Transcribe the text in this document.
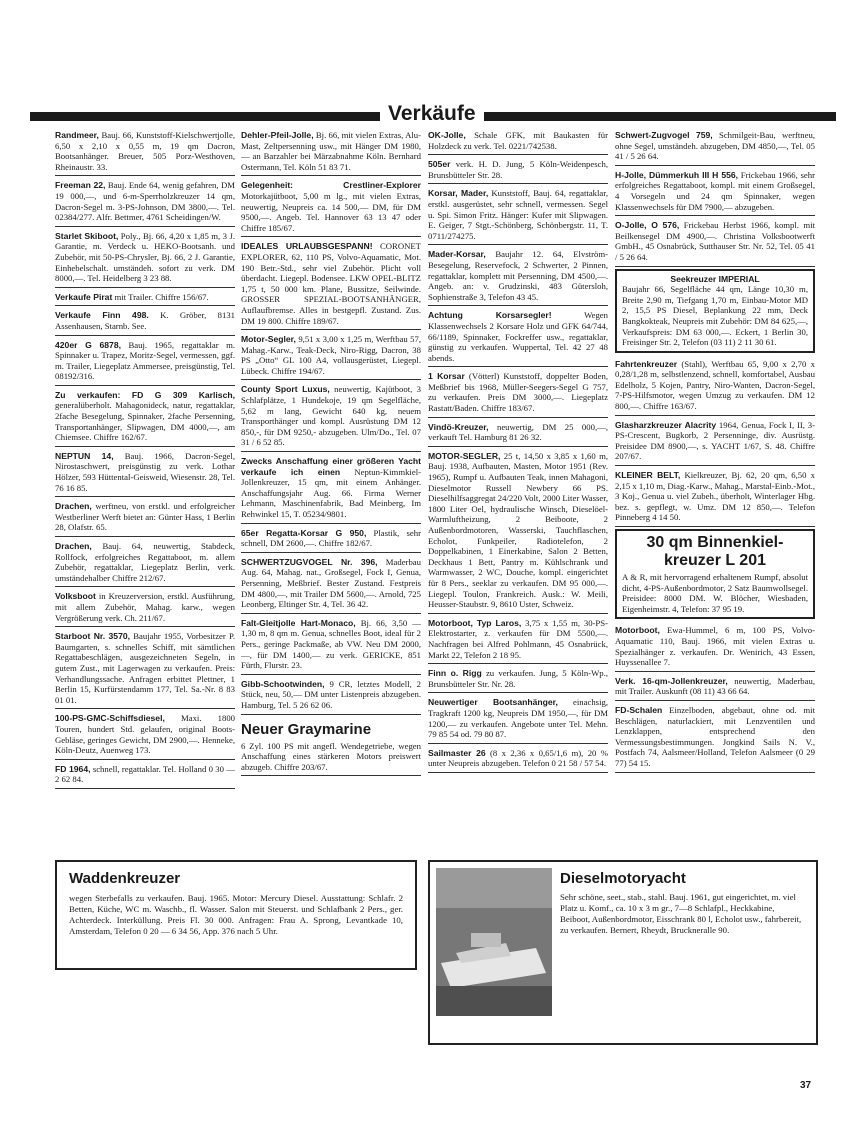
Verkäufe
Randmeer, Bauj. 66, Kunststoff-Kielschwertjolle, 6,50 x 2,10 x 0,55 m, 19 qm Dacron, Bootsanhänger. Breuer, 505 Porz-Westhoven, Rheinaustr. 33.
Freeman 22, Bauj. Ende 64, wenig gefahren, DM 19 000,—, und 6-m-Sperrholzkreuzer 14 qm, Dacron-Segel m. 3-PS-Johnson, DM 3800,—. Tel. 02384/277. Alfr. Bettmer, 4761 Scheidingen/W.
Starlet Skiboot, Poly., Bj. 66, 4,20 x 1,85 m, 3 J. Garantie, m. Verdeck u. HEKO-Bootsanh. und Zubehör, mit 50-PS-Chrysler, Bj. 66, 2 J. Garantie, Einhebelschalt. umständeh. sofort zu verk. DM 8000,—. Tel. Heidelberg 3 23 88.
Verkaufe Pirat mit Trailer. Chiffre 156/67.
Verkaufe Finn 498. K. Gröber, 8131 Assenhausen, Starnb. See.
420er G 6878, Bauj. 1965, regattaklar m. Spinnaker u. Trapez, Moritz-Segel, vermessen, ggf. m. Trailer, Liegeplatz Ammersee, preisgünstig, Tel. 08192/316.
Zu verkaufen: FD G 309 Karlisch, generalüberholt. Mahagonideck, natur, regattaklar, 2fache Besegelung, Spinnaker, 2fache Persenning, Transportanhänger, Slipwagen, DM 4000,—, am Chiemsee. Chiffre 162/67.
NEPTUN 14, Bauj. 1966, Dacron-Segel, Nirostaschwert, preisgünstig zu verk. Lothar Hölzer, 593 Hüttental-Geisweid, Wiesenstr. 28, Tel. 76 16 85.
Drachen, werftneu, von erstkl. und erfolgreicher Westberliner Werft bietet an: Günter Hass, 1 Berlin 28, Olafstr. 65.
Drachen, Bauj. 64, neuwertig, Stabdeck, Rollfock, erfolgreiches Regattaboot, m. allem Zubehör, regattaklar, Liegeplatz Berlin, verk. umständehalber Chiffre 212/67.
Volksboot in Kreuzerversion, erstkl. Ausführung, mit allem Zubehör, Mahag. karw., wegen Vergrößerung verk. Ch. 211/67.
Starboot Nr. 3570, Baujahr 1955, Vorbesitzer P. Baumgarten, s. schnelles Schiff, mit sämtlichen Regattabeschlägen, ausgezeichneten Segeln, in gutem Zust., mit Lagerwagen zu verkaufen. Preis: Verhandlungssache. Anfragen erbittet Plettner, 1 Berlin 15, Kurfürstendamm 177, Tel. Sa.-Nr. 8 83 01 01.
100-PS-GMC-Schiffsdiesel, Maxi. 1800 Touren, hundert Std. gelaufen, original Boots-Gebläse, geringes Gewicht, DM 2900,—. Henneke, Köln-Deutz, Auenweg 173.
FD 1964, schnell, regattaklar. Tel. Holland 0 30 — 2 62 84.
Dehler-Pfeil-Jolle, Bj. 66, mit vielen Extras, Alu-Mast, Zeltpersenning usw., mit Hänger DM 1980,— an Barzahler bei Märzabnahme Köln. Bernhard Ostermann, Tel. Köln 51 83 71.
Gelegenheit: Crestliner-Explorer Motorkajütboot, 5,00 m lg., mit vielen Extras, neuwertig, Neupreis ca. 14 500,— DM, für DM 9500,—. Angeb. Tel. Hannover 63 13 47 oder Chiffre 185/67.
IDEALES URLAUBSGESPANN! CORONET EXPLORER, 62, 110 PS, Volvo-Aquamatic, Mot. 190 Betr.-Std., sehr viel Zubehör. Plicht voll überdacht. Liegepl. Bodensee. LKW OPEL-BLITZ 1,75 t, 50 000 km. Plane, Bussitze, Seilwinde. GROSSER SPEZIAL-BOOTSANHÄNGER, Auflaufbremse. Alles in bestgepfl. Zustand. Zus. DM 19 800. Chiffre 189/67.
Motor-Segler, 9,51 x 3,00 x 1,25 m, Werftbau 57, Mahag.-Karw., Teak-Deck, Niro-Rigg, Dacron, 38 PS „Otto“ GL 100 A4, vollausgerüstet, Liegepl. Lübeck. Chiffre 194/67.
County Sport Luxus, neuwertig, Kajütboot, 3 Schlafplätze, 1 Hundekoje, 19 qm Segelfläche, 5,62 m lang, Gewicht 640 kg, neuem Transporthänger und kompl. Ausrüstung DM 12 850,-, für DM 9250,- abzugeben. Ulm/Do., Tel. 07 31 / 6 52 85.
Zwecks Anschaffung einer größeren Yacht verkaufe ich einen Neptun-Kimmkiel-Jollenkreuzer, 15 qm, mit einem Anhänger. Anschaffungsjahr Aug. 66. Firma Werner Lehmann, Maschinenfabrik, Bad Meinberg, Im Rehwinkel 15, T. 05234/9801.
65er Regatta-Korsar G 950, Plastik, sehr schnell, DM 2600,—. Chiffre 182/67.
SCHWERTZUGVOGEL Nr. 396, Maderbau Aug. 64, Mahag. nat., Großsegel, Fock I, Genua, Persenning, Meßbrief. Bester Zustand. Festpreis DM 4800,—, mit Trailer DM 5600,—. Arnold, 725 Leonberg, Eltinger Str. 4, Tel. 36 42.
Falt-Gleitjolle Hart-Monaco, Bj. 66, 3,50 — 1,30 m, 8 qm m. Genua, schnelles Boot, ideal für 2 Pers., geringe Packmaße, ab VW. Neu DM 2000,—, für DM 1400,— zu verk. GERICKE, 851 Fürth, Flurstr. 23.
Gibb-Schootwinden, 9 CR, letztes Modell, 2 Stück, neu, 50,— DM unter Listenpreis abzugeben. Hamburg, Tel. 5 26 62 06.
Neuer Graymarine
6 Zyl. 100 PS mit angefl. Wendegetriebe, wegen Anschaffung eines stärkeren Motors preiswert abzugeb. Chiffre 203/67.
OK-Jolle, Schale GFK, mit Baukasten für Holzdeck zu verk. Tel. 0221/742538.
505er verk. H. D. Jung, 5 Köln-Weidenpesch, Brunsbütteler Str. 28.
Korsar, Mader, Kunststoff, Bauj. 64, regattaklar, erstkl. ausgerüstet, sehr schnell, vermessen. Segel u. Spi. Simon Fritz. Hänger: Kufer mit Slipwagen. E. Geiger, 7 Stgt.-Schönberg, Schönbergstr. 11, T. 0711/274275.
Mader-Korsar, Baujahr 12. 64, Elvström-Besegelung, Reservefock, 2 Schwerter, 2 Pinnen, regattaklar, komplett mit Persenning, DM 4500,—. Angeb. an: v. Grudzinski, 483 Gütersloh, Sophienstraße 3, Telefon 43 45.
Achtung Korsarsegler!	Wegen Klassenwechsels 2 Korsare Holz und GFK 64/744, 66/1189, Spinnaker, Fockreffer usw., regattaklar, günstig zu verkaufen. Wuppertal, Tel. 42 27 48 abends.
1 Korsar (Vötterl) Kunststoff, doppelter Boden, Meßbrief bis 1968, Müller-Seegers-Segel G 757, zu verkaufen. Preis DM 3000,—. Liegeplatz Rastatt/Baden. Chiffre 183/67.
Vindö-Kreuzer, neuwertig, DM 25 000,—, verkauft Tel. Hamburg 81 26 32.
MOTOR-SEGLER, 25 t, 14,50 x 3,85 x 1,60 m, Bauj. 1938, Aufbauten, Masten, Motor 1951 (Rev. 1965), Rumpf u. Aufbauten Teak, innen Mahagoni, Dieselmotor Russell Newbery 66 PS. Dieselhilfsaggregat 24/220 Volt, 2000 Liter Wasser, 1800 Liter Oel, hydraulische Winsch, Dieselöel-Warmluftheizung, 2 Beiboote, 2 Außenbordmotoren, Wasserski, Tauchflaschen, Echolot, Funkpeiler, Radiotelefon, 2 Doppelkabinen, 1 Einerkabine, Salon 2 Betten, Deckhaus 1 Bett, Pantry m. Kühlschrank und Warmwasser, 2 WC, Douche, kompl. eingerichtet für 8 Pers., seeklar zu verkaufen. DM 95 000,—. Liegepl. Toulon, Frankreich. Ausk.: W. Meili, Heusser-Staubstr. 9, 8610 Uster, Schweiz.
Motorboot, Typ Laros, 3,75 x 1,55 m, 30-PS-Elektrostarter, z. verkaufen für DM 5500,—. Nachfragen bei Alfred Pohlmann, 45 Osnabrück, Markt 22, Telefon 2 18 95.
Finn o. Rigg zu verkaufen. Jung, 5 Köln-Wp., Brunsbütteler Str. Nr. 28.
Neuwertiger Bootsanhänger, einachsig, Tragkraft 1200 kg, Neupreis DM 1950,—, für DM 1200,— zu verkaufen. Angebote unter Tel. Mehn. 79 85 54 od. 79 80 87.
Sailmaster 26 (8 x 2,36 x 0,65/1,6 m), 20 % unter Neupreis abzugeben. Telefon 0 21 58 / 57 54.
Schwert-Zugvogel 759, Schmilgeit-Bau, werftneu, ohne Segel, umständeh. abzugeben, DM 4850,—, Tel. 05 41 / 5 26 64.
H-Jolle, Dümmerkuh III H 556, Frickebau 1966, sehr erfolgreiches Regattaboot, kompl. mit einem Großsegel, 4 Vorsegeln und 24 qm Spinnaker, wegen Klassenwechsels für DM 7900,— abzugeben.
O-Jolle, O 576, Frickebau Herbst 1966, kompl. mit Beilkensegel DM 4900,—. Christina Volksbootwerft GmbH., 45 Osnabrück, Sutthauser Str. Nr. 52, Tel. 05 41 / 5 26 64.
Seekreuzer IMPERIAL
Baujahr 66, Segelfläche 44 qm, Länge 10,30 m, Breite 2,90 m, Tiefgang 1,70 m, Einbau-Motor MD 2, 15,5 PS Diesel, Beplankung 22 mm, Deck Bangkokteak, Neupreis mit Zubehör: DM 84 625,—, Verkaufspreis: DM 63 000,—. Eckert, 1 Berlin 30, Freisinger Str. 2, Telefon (03 11) 2 11 30 61.
Fahrtenkreuzer (Stahl), Werftbau 65, 9,00 x 2,70 x 0,28/1,28 m, selbstlenzend, schnell, komfortabel, Ausbau Edelholz, 5 Kojen, Pantry, Niro-Wanten, Dacron-Segel, 7-PS-Hilfsmotor, wegen Umzug zu verkaufen. DM 12 800,—. Chiffre 163/67.
Glasharzkreuzer Alacrity 1964, Genua, Fock I, II, 3-PS-Crescent, Bugkorb, 2 Persenninge, div. Ausrüstg. Preisidee DM 8900,—, s. YACHT 1/67, S. 48. Chiffre 207/67.
KLEINER BELT, Kielkreuzer, Bj. 62, 20 qm, 6,50 x 2,15 x 1,10 m, Diag.-Karw., Mahag., Marstal-Einb.-Mot., 3 Koj., Genua u. viel Zubeh., überholt, Winterlager Hbg. bez. s. gepflegt, w. Umz. DM 12 850,—. Telefon Pinneberg 4 14 50.
30 qm Binnenkiel-kreuzer L 201
A & R, mit hervorragend erhaltenem Rumpf, absolut dicht, 4-PS-Außenbordmotor, 2 Satz Baumwollsegel. Preisidee: 8000 DM. W. Blöcher, Wiesbaden, Eigenheimstr. 4, Telefon: 37 95 19.
Motorboot, Ewa-Hummel, 6 m, 100 PS, Volvo-Aquamatic 110, Bauj. 1966, mit vielen Extras u. Spezialhänger z. verkaufen. Dr. Wenirich, 43 Essen, Huyssenallee 7.
Verk. 16-qm-Jollenkreuzer, neuwertig, Maderbau, mit Trailer. Auskunft (08 11) 43 66 64.
FD-Schalen Einzelboden, abgebaut, ohne od. mit Beschlägen, naturlackiert, mit Lenzventilen und Lenzklappen, entsprechend den Vermessungsbestimmungen. Jongkind Sails N. V., Postfach 74, Aalsmeer/Holland, Telefon Aalsmeer (0 29 77) 54 15.
Waddenkreuzer
wegen Sterbefalls zu verkaufen. Bauj. 1965. Motor: Mercury Diesel. Ausstattung: Schlafr. 2 Betten, Küche, WC m. Waschb., fl. Wasser. Salon mit Steuerst. und Schlafbank 2 Pers., ger. Achterdeck. Interküllung. Preis Fl. 30 000. Anfragen: Frau A. Sprong, Levantkade 10, Amsterdam, Telefon 0 20 — 6 34 56, App. 376 nach 5 Uhr.
Dieselmotoryacht
Sehr schöne, seet., stab., stahl. Bauj. 1961, gut eingerichtet, m. viel Platz u. Komf., ca. 10 x 3 m gr., 7—8 Schlafpl., Heckkabine, Beiboot, Außenbordmotor, Eisschrank 80 l, Echolot usw., fahrbereit, zu verkaufen. Bernert, Rheydt, Bruckneralle 90.
37
